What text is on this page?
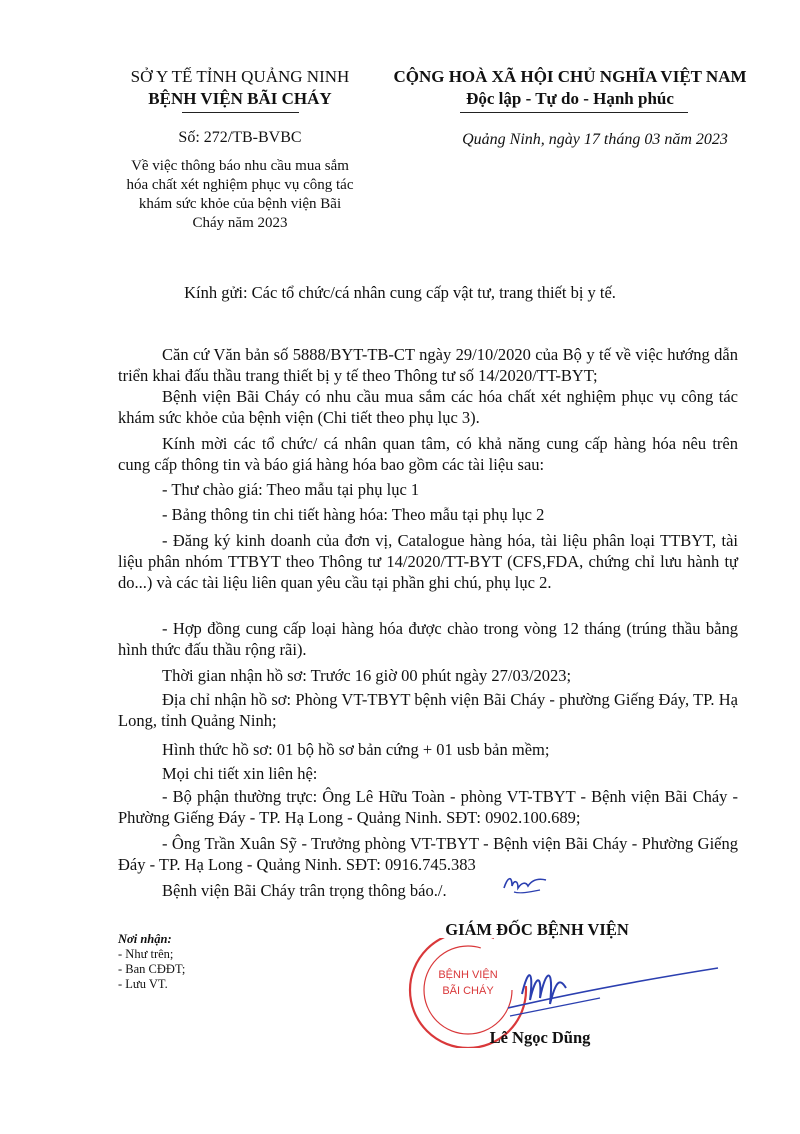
SỞ Y TẾ TỈNH QUẢNG NINH
BỆNH VIỆN BÃI CHÁY
CỘNG HOÀ XÃ HỘI CHỦ NGHĨA VIỆT NAM
Độc lập - Tự do - Hạnh phúc
Số: 272/TB-BVBC
Về việc thông báo nhu cầu mua sắm
hóa chất xét nghiệm phục vụ công tác
khám sức khỏe của bệnh viện Bãi
Cháy năm 2023
Quảng Ninh, ngày 17 tháng 03 năm 2023
Kính gửi: Các tổ chức/cá nhân cung cấp vật tư, trang thiết bị y tế.
Căn cứ Văn bản số 5888/BYT-TB-CT ngày 29/10/2020 của Bộ y tế về việc hướng dẫn triển khai đấu thầu trang thiết bị y tế theo Thông tư số 14/2020/TT-BYT;
Bệnh viện Bãi Cháy có nhu cầu mua sắm các hóa chất xét nghiệm phục vụ công tác khám sức khỏe của bệnh viện (Chi tiết theo phụ lục 3).
Kính mời các tổ chức/ cá nhân quan tâm, có khả năng cung cấp hàng hóa nêu trên cung cấp thông tin và báo giá hàng hóa bao gồm các tài liệu sau:
- Thư chào giá: Theo mẫu tại phụ lục 1
- Bảng thông tin chi tiết hàng hóa: Theo mẫu tại phụ lục 2
- Đăng ký kinh doanh của đơn vị, Catalogue hàng hóa, tài liệu phân loại TTBYT, tài liệu phân nhóm TTBYT theo Thông tư 14/2020/TT-BYT (CFS,FDA, chứng chỉ lưu hành tự do...) và các tài liệu liên quan yêu cầu tại phần ghi chú, phụ lục 2.
- Hợp đồng cung cấp loại hàng hóa được chào trong vòng 12 tháng (trúng thầu bằng hình thức đấu thầu rộng rãi).
Thời gian nhận hồ sơ: Trước 16 giờ 00 phút ngày 27/03/2023;
Địa chỉ nhận hồ sơ: Phòng VT-TBYT bệnh viện Bãi Cháy - phường Giếng Đáy, TP. Hạ Long, tỉnh Quảng Ninh;
Hình thức hồ sơ: 01 bộ hồ sơ bản cứng + 01 usb bản mềm;
Mọi chi tiết xin liên hệ:
- Bộ phận thường trực: Ông Lê Hữu Toàn - phòng VT-TBYT - Bệnh viện Bãi Cháy - Phường Giếng Đáy - TP. Hạ Long - Quảng Ninh. SĐT: 0902.100.689;
- Ông Trần Xuân Sỹ - Trưởng phòng VT-TBYT - Bệnh viện Bãi Cháy - Phường Giếng Đáy - TP. Hạ Long - Quảng Ninh. SĐT: 0916.745.383
Bệnh viện Bãi Cháy trân trọng thông báo./.
Nơi nhận:
- Như trên;
- Ban CĐĐT;
- Lưu VT.
GIÁM ĐỐC BỆNH VIỆN
BỆNH VIỆN
BÃI CHÁY
Lê Ngọc Dũng
